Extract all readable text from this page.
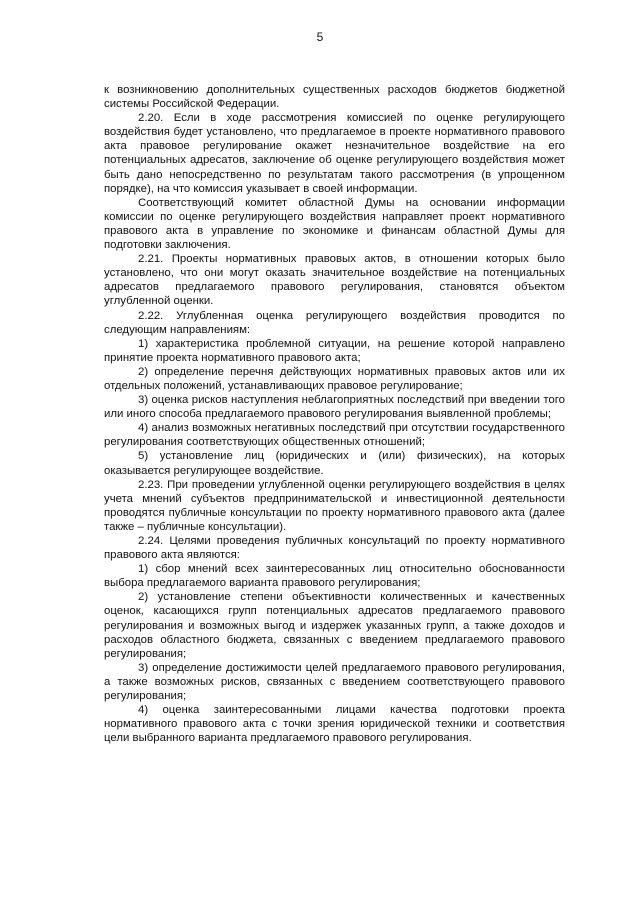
5

к возникновению дополнительных существенных расходов бюджетов бюджетной системы Российской Федерации.

2.20. Если в ходе рассмотрения комиссией по оценке регулирующего воздействия будет установлено, что предлагаемое в проекте нормативного правового акта правовое регулирование окажет незначительное воздействие на его потенциальных адресатов, заключение об оценке регулирующего воздействия может быть дано непосредственно по результатам такого рассмотрения (в упрощенном порядке), на что комиссия указывает в своей информации.

Соответствующий комитет областной Думы на основании информации комиссии по оценке регулирующего воздействия направляет проект нормативного правового акта в управление по экономике и финансам областной Думы для подготовки заключения.

2.21. Проекты нормативных правовых актов, в отношении которых было установлено, что они могут оказать значительное воздействие на потенциальных адресатов предлагаемого правового регулирования, становятся объектом углубленной оценки.

2.22. Углубленная оценка регулирующего воздействия проводится по следующим направлениям:

1) характеристика проблемной ситуации, на решение которой направлено принятие проекта нормативного правового акта;

2) определение перечня действующих нормативных правовых актов или их отдельных положений, устанавливающих правовое регулирование;

3) оценка рисков наступления неблагоприятных последствий при введении того или иного способа предлагаемого правового регулирования выявленной проблемы;

4) анализ возможных негативных последствий при отсутствии государственного регулирования соответствующих общественных отношений;

5) установление лиц (юридических и (или) физических), на которых оказывается регулирующее воздействие.

2.23. При проведении углубленной оценки регулирующего воздействия в целях учета мнений субъектов предпринимательской и инвестиционной деятельности проводятся публичные консультации по проекту нормативного правового акта (далее также – публичные консультации).

2.24. Целями проведения публичных консультаций по проекту нормативного правового акта являются:

1) сбор мнений всех заинтересованных лиц относительно обоснованности выбора предлагаемого варианта правового регулирования;

2) установление степени объективности количественных и качественных оценок, касающихся групп потенциальных адресатов предлагаемого правового регулирования и возможных выгод и издержек указанных групп, а также доходов и расходов областного бюджета, связанных с введением предлагаемого правового регулирования;

3) определение достижимости целей предлагаемого правового регулирования, а также возможных рисков, связанных с введением соответствующего правового регулирования;

4) оценка заинтересованными лицами качества подготовки проекта нормативного правового акта с точки зрения юридической техники и соответствия цели выбранного варианта предлагаемого правового регулирования.
